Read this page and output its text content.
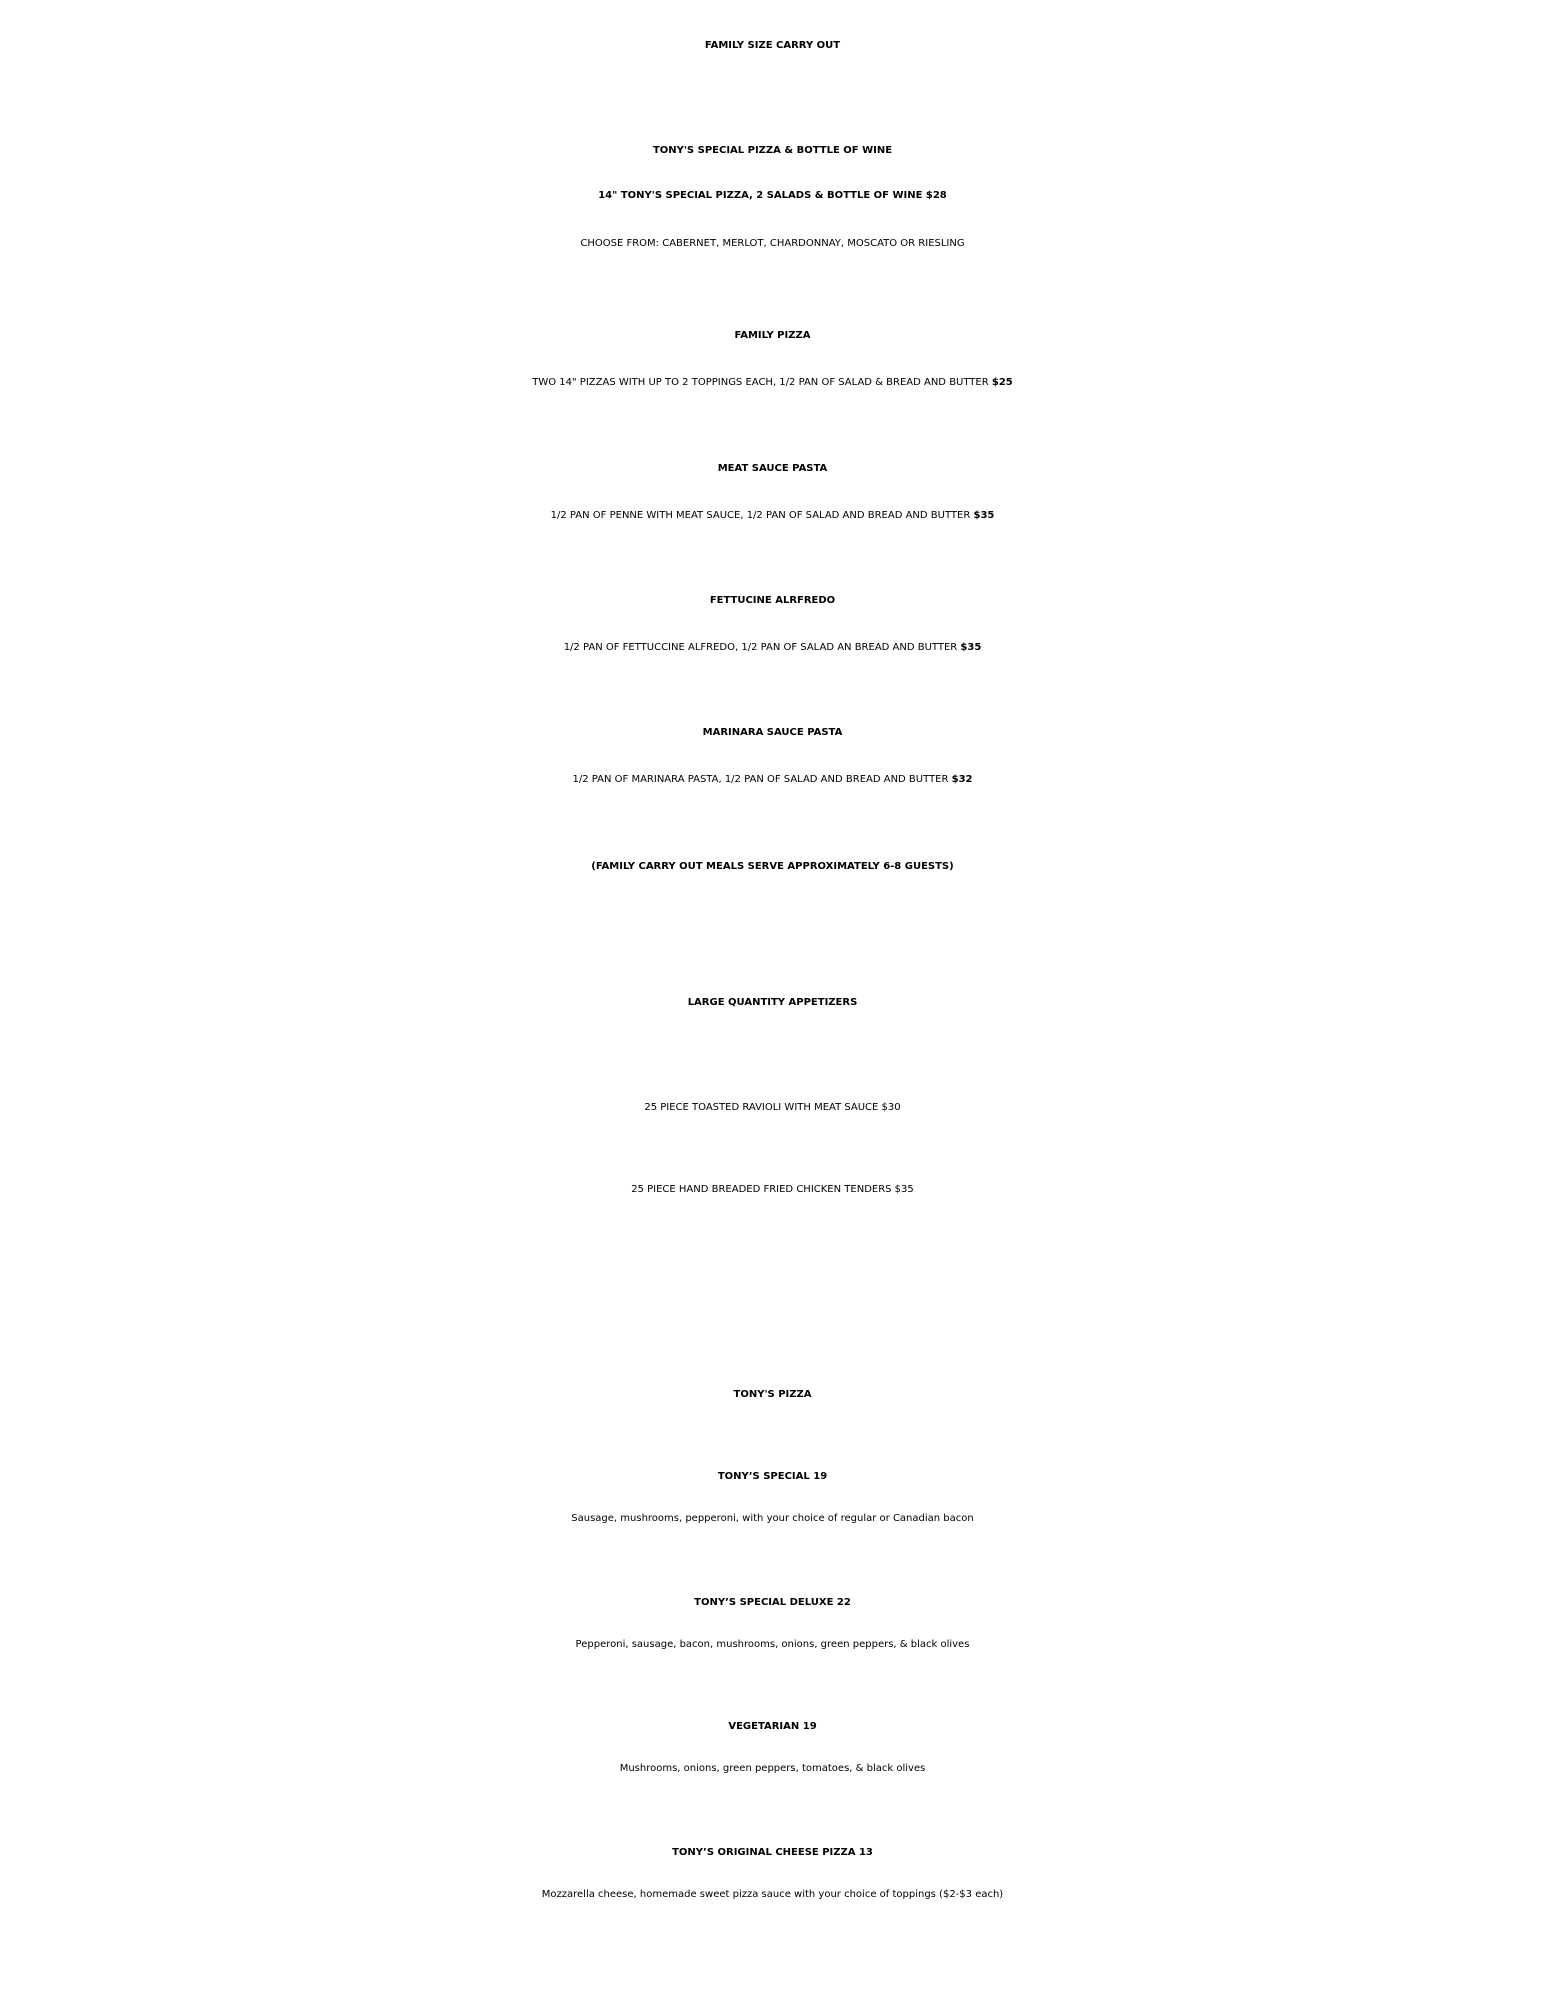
FAMILY SIZE CARRY OUT
TONY'S SPECIAL PIZZA & BOTTLE OF WINE
14" TONY'S SPECIAL PIZZA, 2 SALADS & BOTTLE OF WINE $28
CHOOSE FROM: CABERNET, MERLOT, CHARDONNAY, MOSCATO OR RIESLING
FAMILY PIZZA
TWO 14" PIZZAS WITH UP TO 2 TOPPINGS EACH, 1/2 PAN OF SALAD & BREAD AND BUTTER $25
MEAT SAUCE PASTA
1/2 PAN OF PENNE WITH MEAT SAUCE, 1/2 PAN OF SALAD AND BREAD AND BUTTER $35
FETTUCINE ALRFREDO
1/2 PAN OF FETTUCCINE ALFREDO, 1/2 PAN OF SALAD AN BREAD AND BUTTER $35
MARINARA SAUCE PASTA
1/2 PAN OF MARINARA PASTA, 1/2 PAN OF SALAD AND BREAD AND BUTTER $32
(FAMILY CARRY OUT MEALS SERVE APPROXIMATELY 6-8 GUESTS)
LARGE QUANTITY APPETIZERS
25 PIECE TOASTED RAVIOLI WITH MEAT SAUCE $30
25 PIECE HAND BREADED FRIED CHICKEN TENDERS $35
TONY'S PIZZA
TONY’S SPECIAL 19
Sausage, mushrooms, pepperoni, with your choice of regular or Canadian bacon
TONY’S SPECIAL DELUXE 22
Pepperoni, sausage, bacon, mushrooms, onions, green peppers, & black olives
VEGETARIAN 19
Mushrooms, onions, green peppers, tomatoes, & black olives
TONY’S ORIGINAL CHEESE PIZZA 13
Mozzarella cheese, homemade sweet pizza sauce with your choice of toppings ($2-$3 each)
